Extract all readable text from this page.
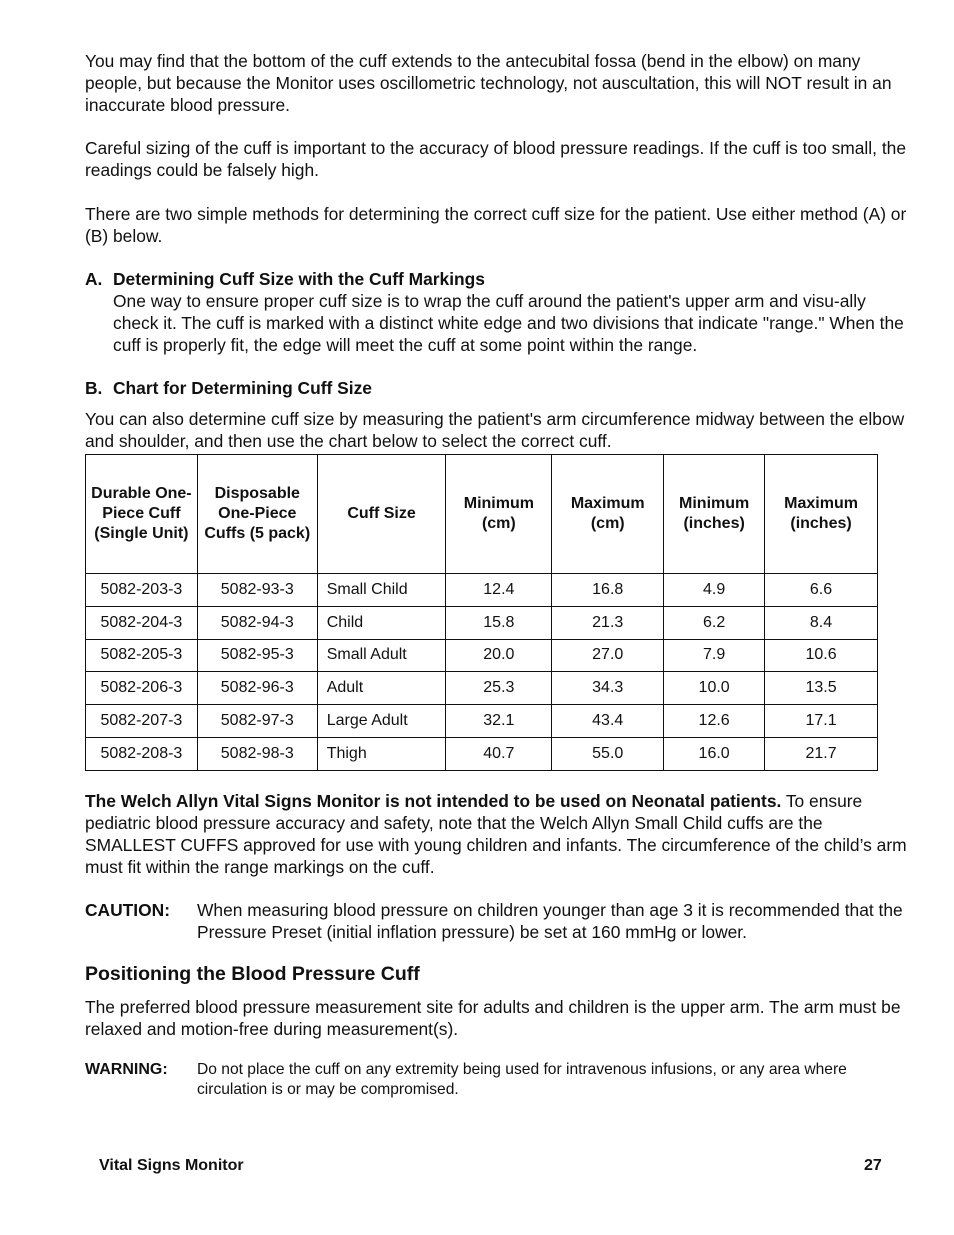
You may find that the bottom of the cuff extends to the antecubital fossa (bend in the elbow) on many people, but because the Monitor uses oscillometric technology, not auscultation, this will NOT result in an inaccurate blood pressure.

Careful sizing of the cuff is important to the accuracy of blood pressure readings. If the cuff is too small, the readings could be falsely high.

There are two simple methods for determining the correct cuff size for the patient. Use either method (A) or (B) below.

A. Determining Cuff Size with the Cuff Markings

One way to ensure proper cuff size is to wrap the cuff around the patient's upper arm and visu-ally check it. The cuff is marked with a distinct white edge and two divisions that indicate "range." When the cuff is properly fit, the edge will meet the cuff at some point within the range.

B. Chart for Determining Cuff Size

You can also determine cuff size by measuring the patient's arm circumference midway between the elbow and shoulder, and then use the chart below to select the correct cuff.

Durable One-Piece Cuff (Single Unit)	Disposable One-Piece Cuffs (5 pack)	Cuff Size	Minimum (cm)	Maximum (cm)	Minimum (inches)	Maximum (inches)
5082-203-3	5082-93-3	Small Child	12.4	16.8	4.9	6.6
5082-204-3	5082-94-3	Child	15.8	21.3	6.2	8.4
5082-205-3	5082-95-3	Small Adult	20.0	27.0	7.9	10.6
5082-206-3	5082-96-3	Adult	25.3	34.3	10.0	13.5
5082-207-3	5082-97-3	Large Adult	32.1	43.4	12.6	17.1
5082-208-3	5082-98-3	Thigh	40.7	55.0	16.0	21.7

The Welch Allyn Vital Signs Monitor is not intended to be used on Neonatal patients. To ensure pediatric blood pressure accuracy and safety, note that the Welch Allyn Small Child cuffs are the SMALLEST CUFFS approved for use with young children and infants. The circumference of the child’s arm must fit within the range markings on the cuff.

CAUTION: When measuring blood pressure on children younger than age 3 it is recommended that the Pressure Preset (initial inflation pressure) be set at 160 mmHg or lower.
Positioning the Blood Pressure Cuff

The preferred blood pressure measurement site for adults and children is the upper arm. The arm must be relaxed and motion-free during measurement(s).

WARNING: Do not place the cuff on any extremity being used for intravenous infusions, or any area where circulation is or may be compromised.
Vital Signs Monitor	27
